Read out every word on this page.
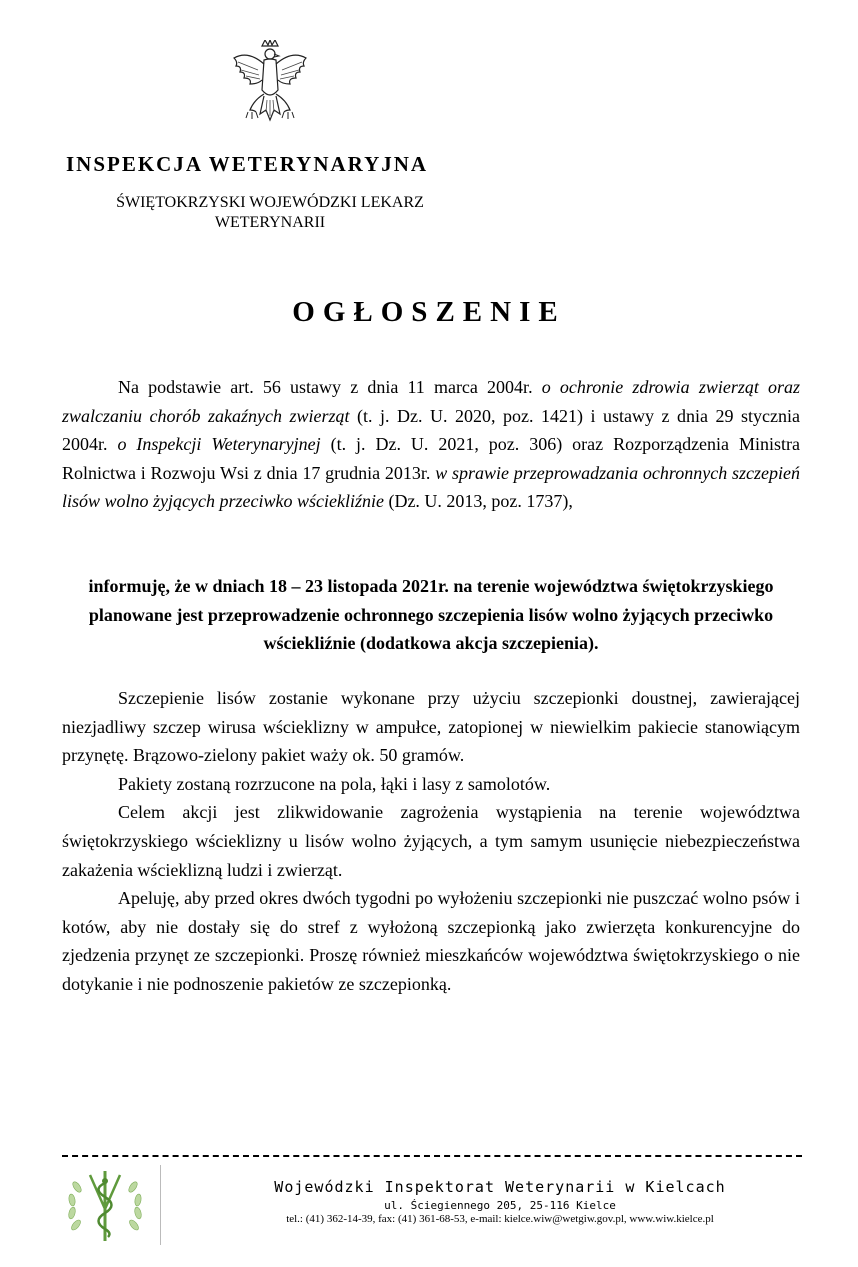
INSPEKCJA WETERYNARYJNA
ŚWIĘTOKRZYSKI WOJEWÓDZKI LEKARZ
WETERYNARII
OGŁOSZENIE

Na podstawie art. 56 ustawy z dnia 11 marca 2004r. o ochronie zdrowia zwierząt oraz zwalczaniu chorób zakaźnych zwierząt (t. j. Dz. U. 2020, poz. 1421) i ustawy z dnia 29 stycznia 2004r. o Inspekcji Weterynaryjnej (t. j. Dz. U. 2021, poz. 306) oraz Rozporządzenia Ministra Rolnictwa i Rozwoju Wsi z dnia 17 grudnia 2013r. w sprawie przeprowadzania ochronnych szczepień lisów wolno żyjących przeciwko wściekliźnie (Dz. U. 2013, poz. 1737),

informuję, że w dniach 18 – 23 listopada 2021r. na terenie województwa świętokrzyskiego planowane jest przeprowadzenie ochronnego szczepienia lisów wolno żyjących przeciwko wściekliźnie (dodatkowa akcja szczepienia).

Szczepienie lisów zostanie wykonane przy użyciu szczepionki doustnej, zawierającej niezjadliwy szczep wirusa wścieklizny w ampułce, zatopionej w niewielkim pakiecie stanowiącym przynętę. Brązowo-zielony pakiet waży ok. 50 gramów.

Pakiety zostaną rozrzucone na pola, łąki i lasy z samolotów.

Celem akcji jest zlikwidowanie zagrożenia wystąpienia na terenie województwa świętokrzyskiego wścieklizny u lisów wolno żyjących, a tym samym usunięcie niebezpieczeństwa zakażenia wścieklizną ludzi i zwierząt.

Apeluję, aby przed okres dwóch tygodni po wyłożeniu szczepionki nie puszczać wolno psów i kotów, aby nie dostały się do stref z wyłożoną szczepionką jako zwierzęta konkurencyjne do zjedzenia przynęt ze szczepionki. Proszę również mieszkańców województwa świętokrzyskiego o nie dotykanie i nie podnoszenie pakietów ze szczepionką.

Wojewódzki Inspektorat Weterynarii w Kielcach
ul. Ściegiennego 205, 25-116 Kielce
tel.: (41) 362-14-39, fax: (41) 361-68-53, e-mail: kielce.wiw@wetgiw.gov.pl, www.wiw.kielce.pl
